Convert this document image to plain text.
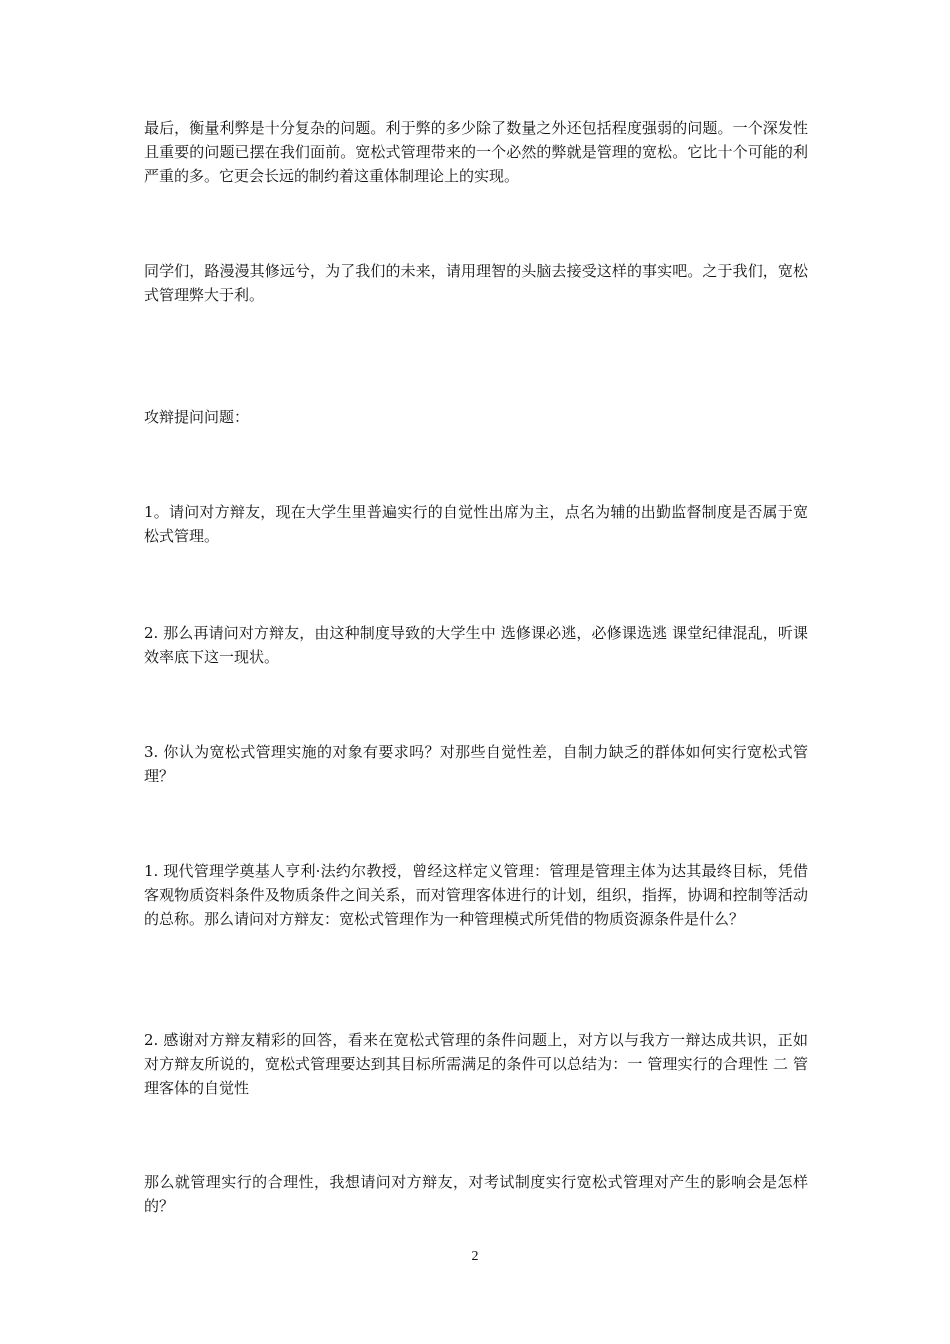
最后，衡量利弊是十分复杂的问题。利于弊的多少除了数量之外还包括程度强弱的问题。一个深发性且重要的问题已摆在我们面前。宽松式管理带来的一个必然的弊就是管理的宽松。它比十个可能的利严重的多。它更会长远的制约着这重体制理论上的实现。

同学们，路漫漫其修远兮，为了我们的未来，请用理智的头脑去接受这样的事实吧。之于我们，宽松式管理弊大于利。

攻辩提问问题：

1。请问对方辩友，现在大学生里普遍实行的自觉性出席为主，点名为辅的出勤监督制度是否属于宽松式管理。

2. 那么再请问对方辩友，由这种制度导致的大学生中 选修课必逃，必修课选逃 课堂纪律混乱，听课效率底下这一现状。

3. 你认为宽松式管理实施的对象有要求吗？对那些自觉性差，自制力缺乏的群体如何实行宽松式管理？

1. 现代管理学奠基人亨利·法约尔教授，曾经这样定义管理：管理是管理主体为达其最终目标，凭借客观物质资料条件及物质条件之间关系，而对管理客体进行的计划，组织，指挥，协调和控制等活动的总称。那么请问对方辩友：宽松式管理作为一种管理模式所凭借的物质资源条件是什么？

2. 感谢对方辩友精彩的回答，看来在宽松式管理的条件问题上，对方以与我方一辩达成共识，正如对方辩友所说的，宽松式管理要达到其目标所需满足的条件可以总结为：一 管理实行的合理性 二 管理客体的自觉性

那么就管理实行的合理性，我想请问对方辩友，对考试制度实行宽松式管理对产生的影响会是怎样的？

2
